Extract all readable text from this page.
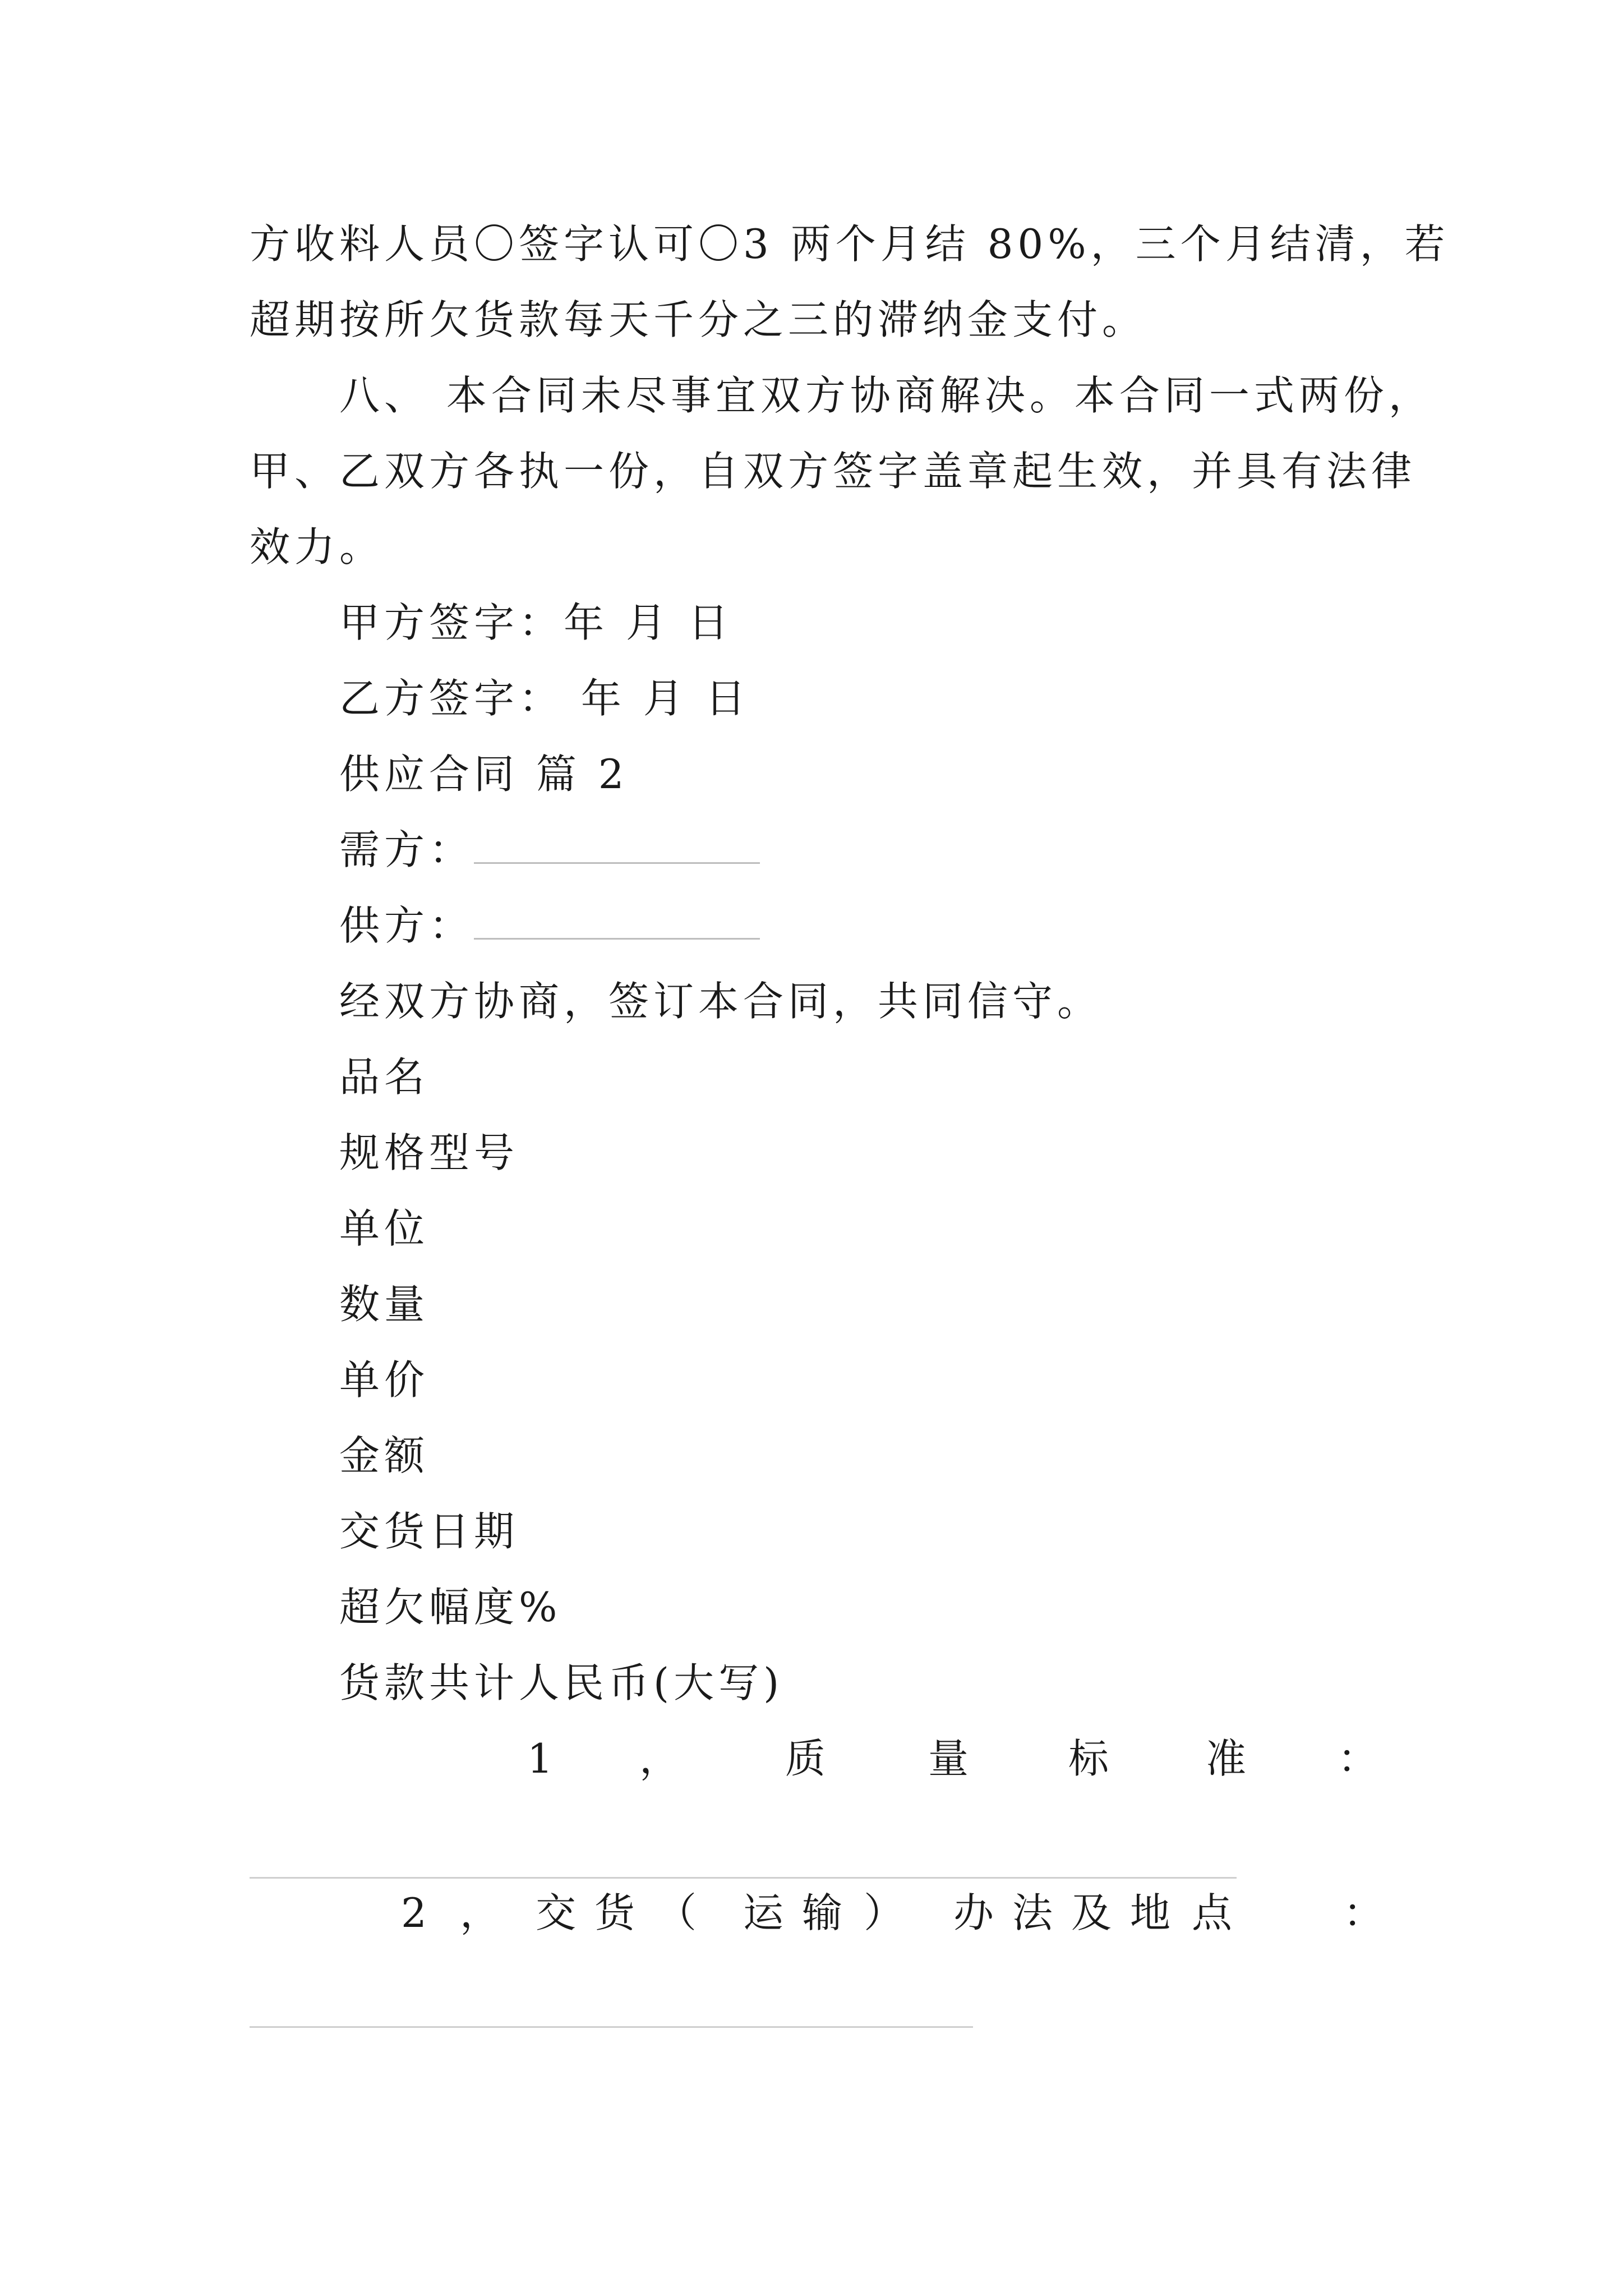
方收料人员〇签字认可〇3 两个月结 80%，三个月结清，若
超期按所欠货款每天千分之三的滞纳金支付。
八、 本合同未尽事宜双方协商解决。本合同一式两份，
甲、乙双方各执一份，自双方签字盖章起生效，并具有法律
效力。
甲方签字：年 月 日
乙方签字： 年 月 日
供应合同 篇 2
需方：
供方：
经双方协商，签订本合同，共同信守。
品名
规格型号
单位
数量
单价
金额
交货日期
超欠幅度%
货款共计人民币(大写)
1 ，	质	量 标 准 ：
2 ， 交 货 （ 运 输 ） 办 法 及 地 点	：
